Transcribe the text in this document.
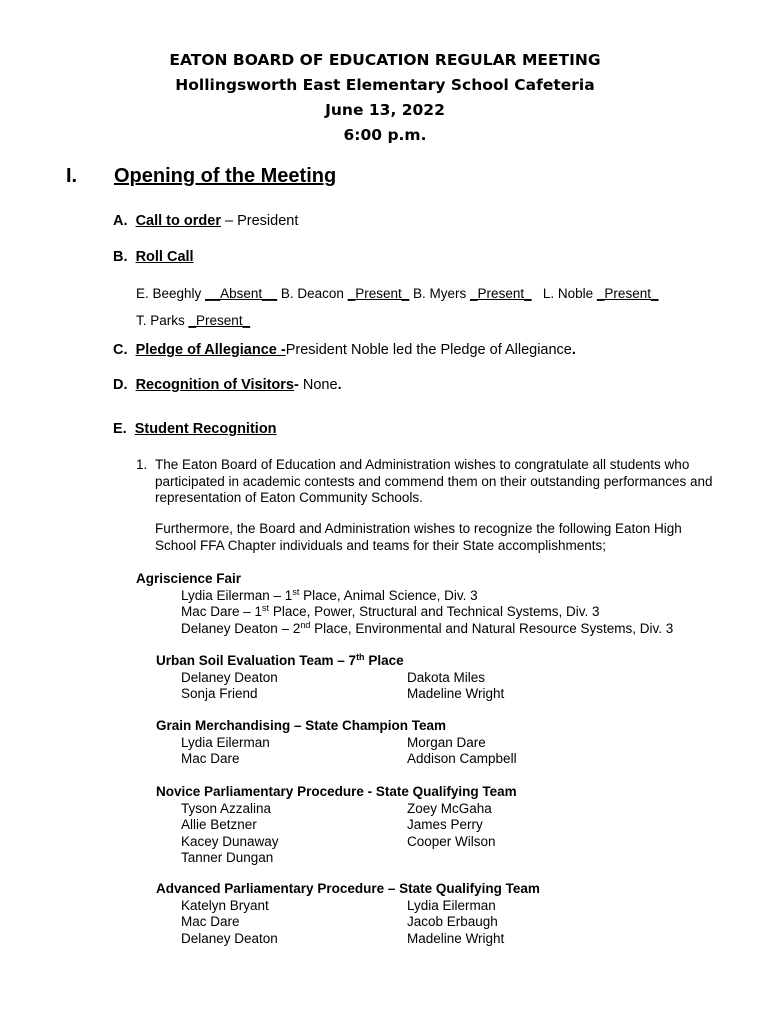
EATON BOARD OF EDUCATION REGULAR MEETING
Hollingsworth East Elementary School Cafeteria
June 13, 2022
6:00 p.m.
I. Opening of the Meeting
A. Call to order – President
B. Roll Call
E. Beeghly __Absent__ B. Deacon _Present_ B. Myers _Present_ L. Noble _Present_
T. Parks _Present_
C. Pledge of Allegiance -President Noble led the Pledge of Allegiance.
D. Recognition of Visitors- None.
E. Student Recognition
1. The Eaton Board of Education and Administration wishes to congratulate all students who participated in academic contests and commend them on their outstanding performances and representation of Eaton Community Schools.
Furthermore, the Board and Administration wishes to recognize the following Eaton High School FFA Chapter individuals and teams for their State accomplishments;
Agriscience Fair
Lydia Eilerman – 1st Place, Animal Science, Div. 3
Mac Dare – 1st Place, Power, Structural and Technical Systems, Div. 3
Delaney Deaton – 2nd Place, Environmental and Natural Resource Systems, Div. 3
Urban Soil Evaluation Team – 7th Place
Delaney Deaton	Dakota Miles
Sonja Friend	Madeline Wright
Grain Merchandising – State Champion Team
Lydia Eilerman	Morgan Dare
Mac Dare	Addison Campbell
Novice Parliamentary Procedure - State Qualifying Team
Tyson Azzalina	Zoey McGaha
Allie Betzner	James Perry
Kacey Dunaway	Cooper Wilson
Tanner Dungan
Advanced Parliamentary Procedure – State Qualifying Team
Katelyn Bryant	Lydia Eilerman
Mac Dare	Jacob Erbaugh
Delaney Deaton	Madeline Wright
